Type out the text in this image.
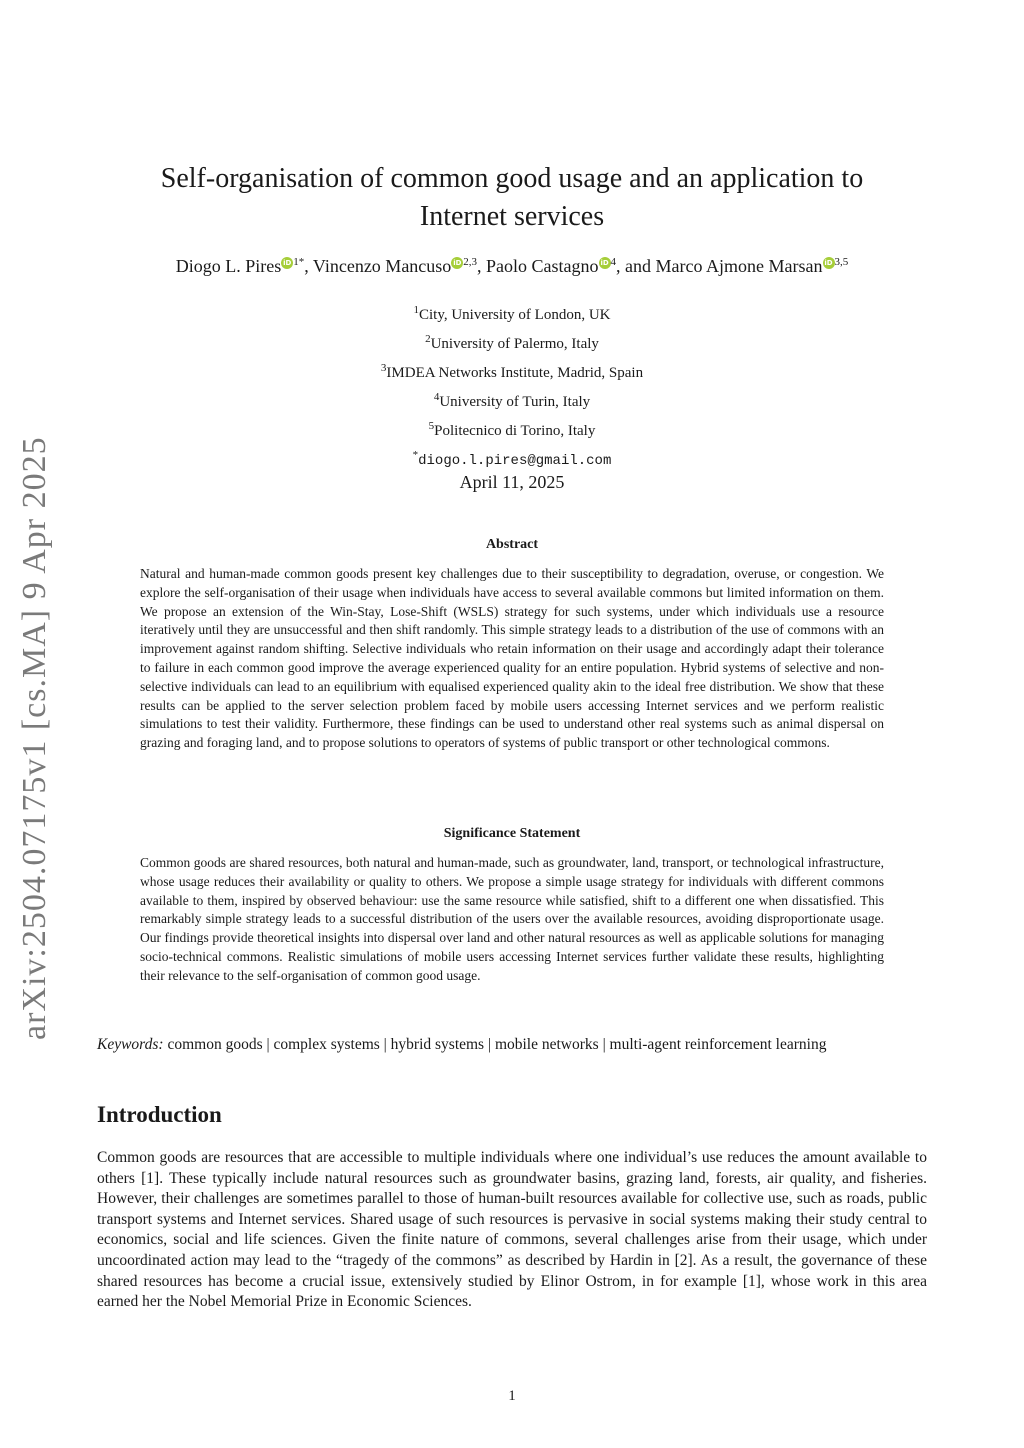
arXiv:2504.07175v1 [cs.MA] 9 Apr 2025
Self-organisation of common good usage and an application to
Internet services
Diogo L. Pires iD $^{1*}$, Vincenzo Mancuso iD $^{2,3}$, Paolo Castagno iD $^4$, and Marco Ajmone Marsan iD $^{3,5}$
$^1$City, University of London, UK
$^2$University of Palermo, Italy
$^3$IMDEA Networks Institute, Madrid, Spain
$^4$University of Turin, Italy
$^5$Politecnico di Torino, Italy
*diogo.l.pires@gmail.com
April 11, 2025
Abstract
Natural and human-made common goods present key challenges due to their susceptibility to degradation, overuse, or congestion. We explore the self-organisation of their usage when individuals have access to several available commons but limited information on them. We propose an extension of the Win-Stay, Lose-Shift (WSLS) strategy for such systems, under which individuals use a resource iteratively until they are unsuccessful and then shift randomly. This simple strategy leads to a distribution of the use of commons with an improvement against random shifting. Selective individuals who retain information on their usage and accordingly adapt their tolerance to failure in each common good improve the average experienced quality for an entire population. Hybrid systems of selective and non-selective individuals can lead to an equilibrium with equalised experienced quality akin to the ideal free distribution. We show that these results can be applied to the server selection problem faced by mobile users accessing Internet services and we perform realistic simulations to test their validity. Furthermore, these findings can be used to understand other real systems such as animal dispersal on grazing and foraging land, and to propose solutions to operators of systems of public transport or other technological commons.
Significance Statement
Common goods are shared resources, both natural and human-made, such as groundwater, land, transport, or technological infrastructure, whose usage reduces their availability or quality to others. We propose a simple usage strategy for individuals with different commons available to them, inspired by observed behaviour: use the same resource while satisfied, shift to a different one when dissatisfied. This remarkably simple strategy leads to a successful distribution of the users over the available resources, avoiding disproportionate usage. Our findings provide theoretical insights into dispersal over land and other natural resources as well as applicable solutions for managing socio-technical commons. Realistic simulations of mobile users accessing Internet services further validate these results, highlighting their relevance to the self-organisation of common good usage.
Keywords: common goods | complex systems | hybrid systems | mobile networks | multi-agent reinforcement learning
Introduction
Common goods are resources that are accessible to multiple individuals where one individual’s use reduces the amount available to others [1]. These typically include natural resources such as groundwater basins, grazing land, forests, air quality, and fisheries. However, their challenges are sometimes parallel to those of human-built resources available for collective use, such as roads, public transport systems and Internet services. Shared usage of such resources is pervasive in social systems making their study central to economics, social and life sciences. Given the finite nature of commons, several challenges arise from their usage, which under uncoordinated action may lead to the “tragedy of the commons” as described by Hardin in [2]. As a result, the governance of these shared resources has become a crucial issue, extensively studied by Elinor Ostrom, in for example [1], whose work in this area earned her the Nobel Memorial Prize in Economic Sciences.
1
